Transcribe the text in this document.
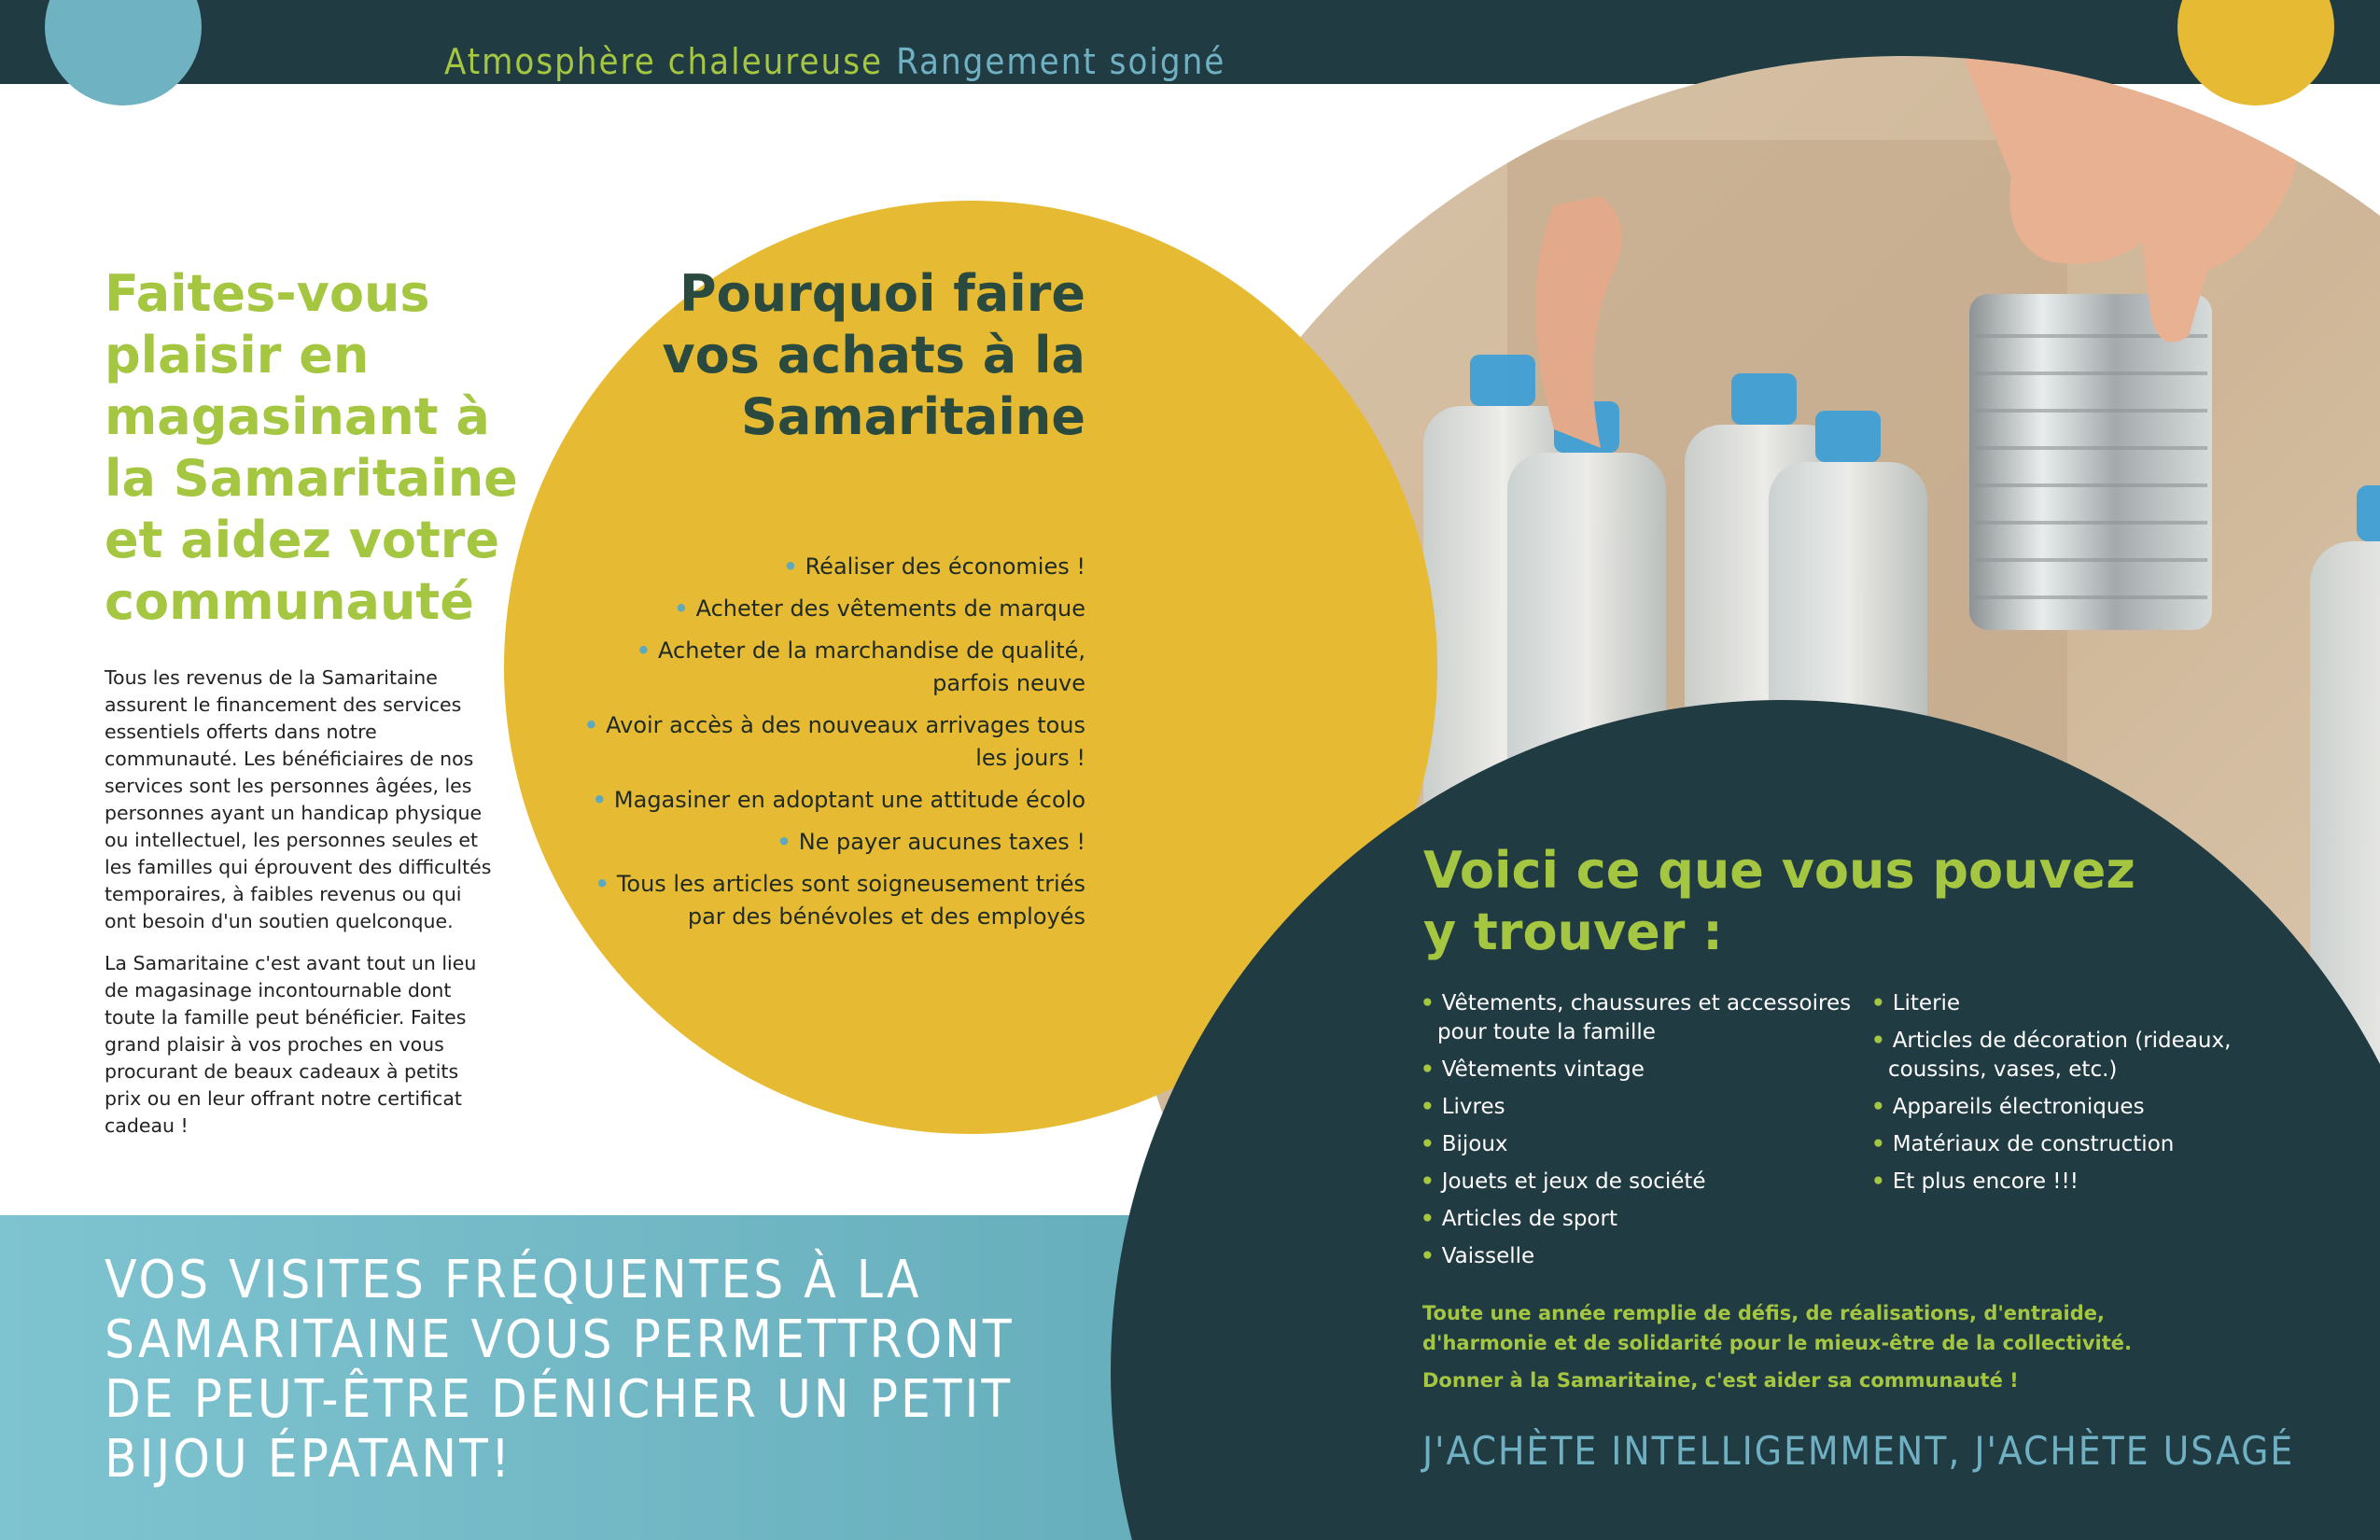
Atmosphère chaleureuse Rangement soigné
Faites-vous plaisir en magasinant à la Samaritaine et aidez votre communauté

Tous les revenus de la Samaritaine assurent le financement des services essentiels offerts dans notre communauté. Les bénéficiaires de nos services sont les personnes âgées, les personnes ayant un handicap physique ou intellectuel, les personnes seules et les familles qui éprouvent des difficultés temporaires, à faibles revenus ou qui ont besoin d'un soutien quelconque.

La Samaritaine c'est avant tout un lieu de magasinage incontournable dont toute la famille peut bénéficier. Faites grand plaisir à vos proches en vous procurant de beaux cadeaux à petits prix ou en leur offrant notre certificat cadeau !

Pourquoi faire vos achats à la Samaritaine
• Réaliser des économies !
• Acheter des vêtements de marque
• Acheter de la marchandise de qualité, parfois neuve
• Avoir accès à des nouveaux arrivages tous les jours !
• Magasiner en adoptant une attitude écolo
• Ne payer aucunes taxes !
• Tous les articles sont soigneusement triés par des bénévoles et des employés
VOS VISITES FRÉQUENTES À LA SAMARITAINE VOUS PERMETTRONT DE PEUT-ÊTRE DÉNICHER UN PETIT BIJOU ÉPATANT!
Voici ce que vous pouvez y trouver :
• Vêtements, chaussures et accessoires pour toute la famille
• Vêtements vintage
• Livres
• Bijoux
• Jouets et jeux de société
• Articles de sport
• Vaisselle
• Literie
• Articles de décoration (rideaux, coussins, vases, etc.)
• Appareils électroniques
• Matériaux de construction
• Et plus encore !!!

Toute une année remplie de défis, de réalisations, d'entraide, d'harmonie et de solidarité pour le mieux-être de la collectivité.

Donner à la Samaritaine, c'est aider sa communauté !

J'ACHÈTE INTELLIGEMMENT, J'ACHÈTE USAGÉ
